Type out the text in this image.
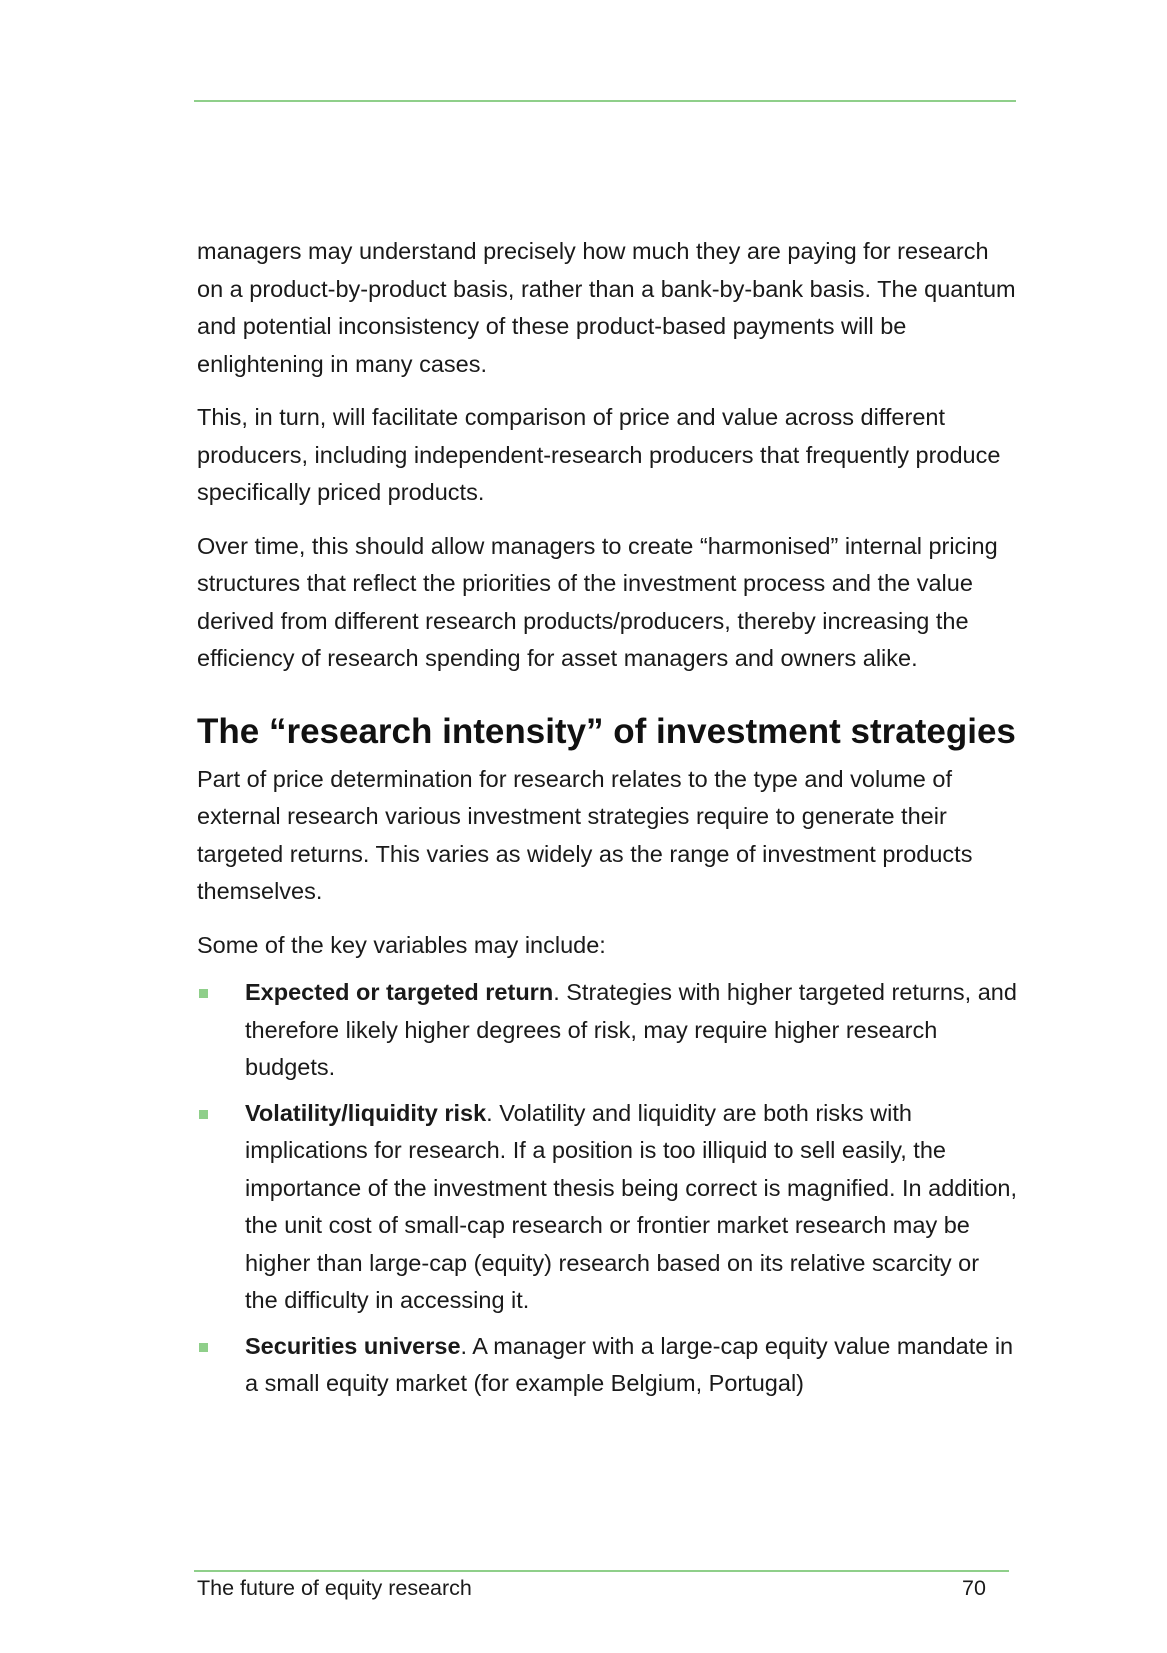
managers may understand precisely how much they are paying for research on a product-by-product basis, rather than a bank-by-bank basis. The quantum and potential inconsistency of these product-based payments will be enlightening in many cases.

This, in turn, will facilitate comparison of price and value across different producers, including independent-research producers that frequently produce specifically priced products.

Over time, this should allow managers to create “harmonised” internal pricing structures that reflect the priorities of the investment process and the value derived from different research products/producers, thereby increasing the efficiency of research spending for asset managers and owners alike.

The “research intensity” of investment strategies

Part of price determination for research relates to the type and volume of external research various investment strategies require to generate their targeted returns. This varies as widely as the range of investment products themselves.

Some of the key variables may include:

Expected or targeted return. Strategies with higher targeted returns, and therefore likely higher degrees of risk, may require higher research budgets.
Volatility/liquidity risk. Volatility and liquidity are both risks with implications for research. If a position is too illiquid to sell easily, the importance of the investment thesis being correct is magnified. In addition, the unit cost of small-cap research or frontier market research may be higher than large-cap (equity) research based on its relative scarcity or the difficulty in accessing it.
Securities universe. A manager with a large-cap equity value mandate in a small equity market (for example Belgium, Portugal)
The future of equity research	70
